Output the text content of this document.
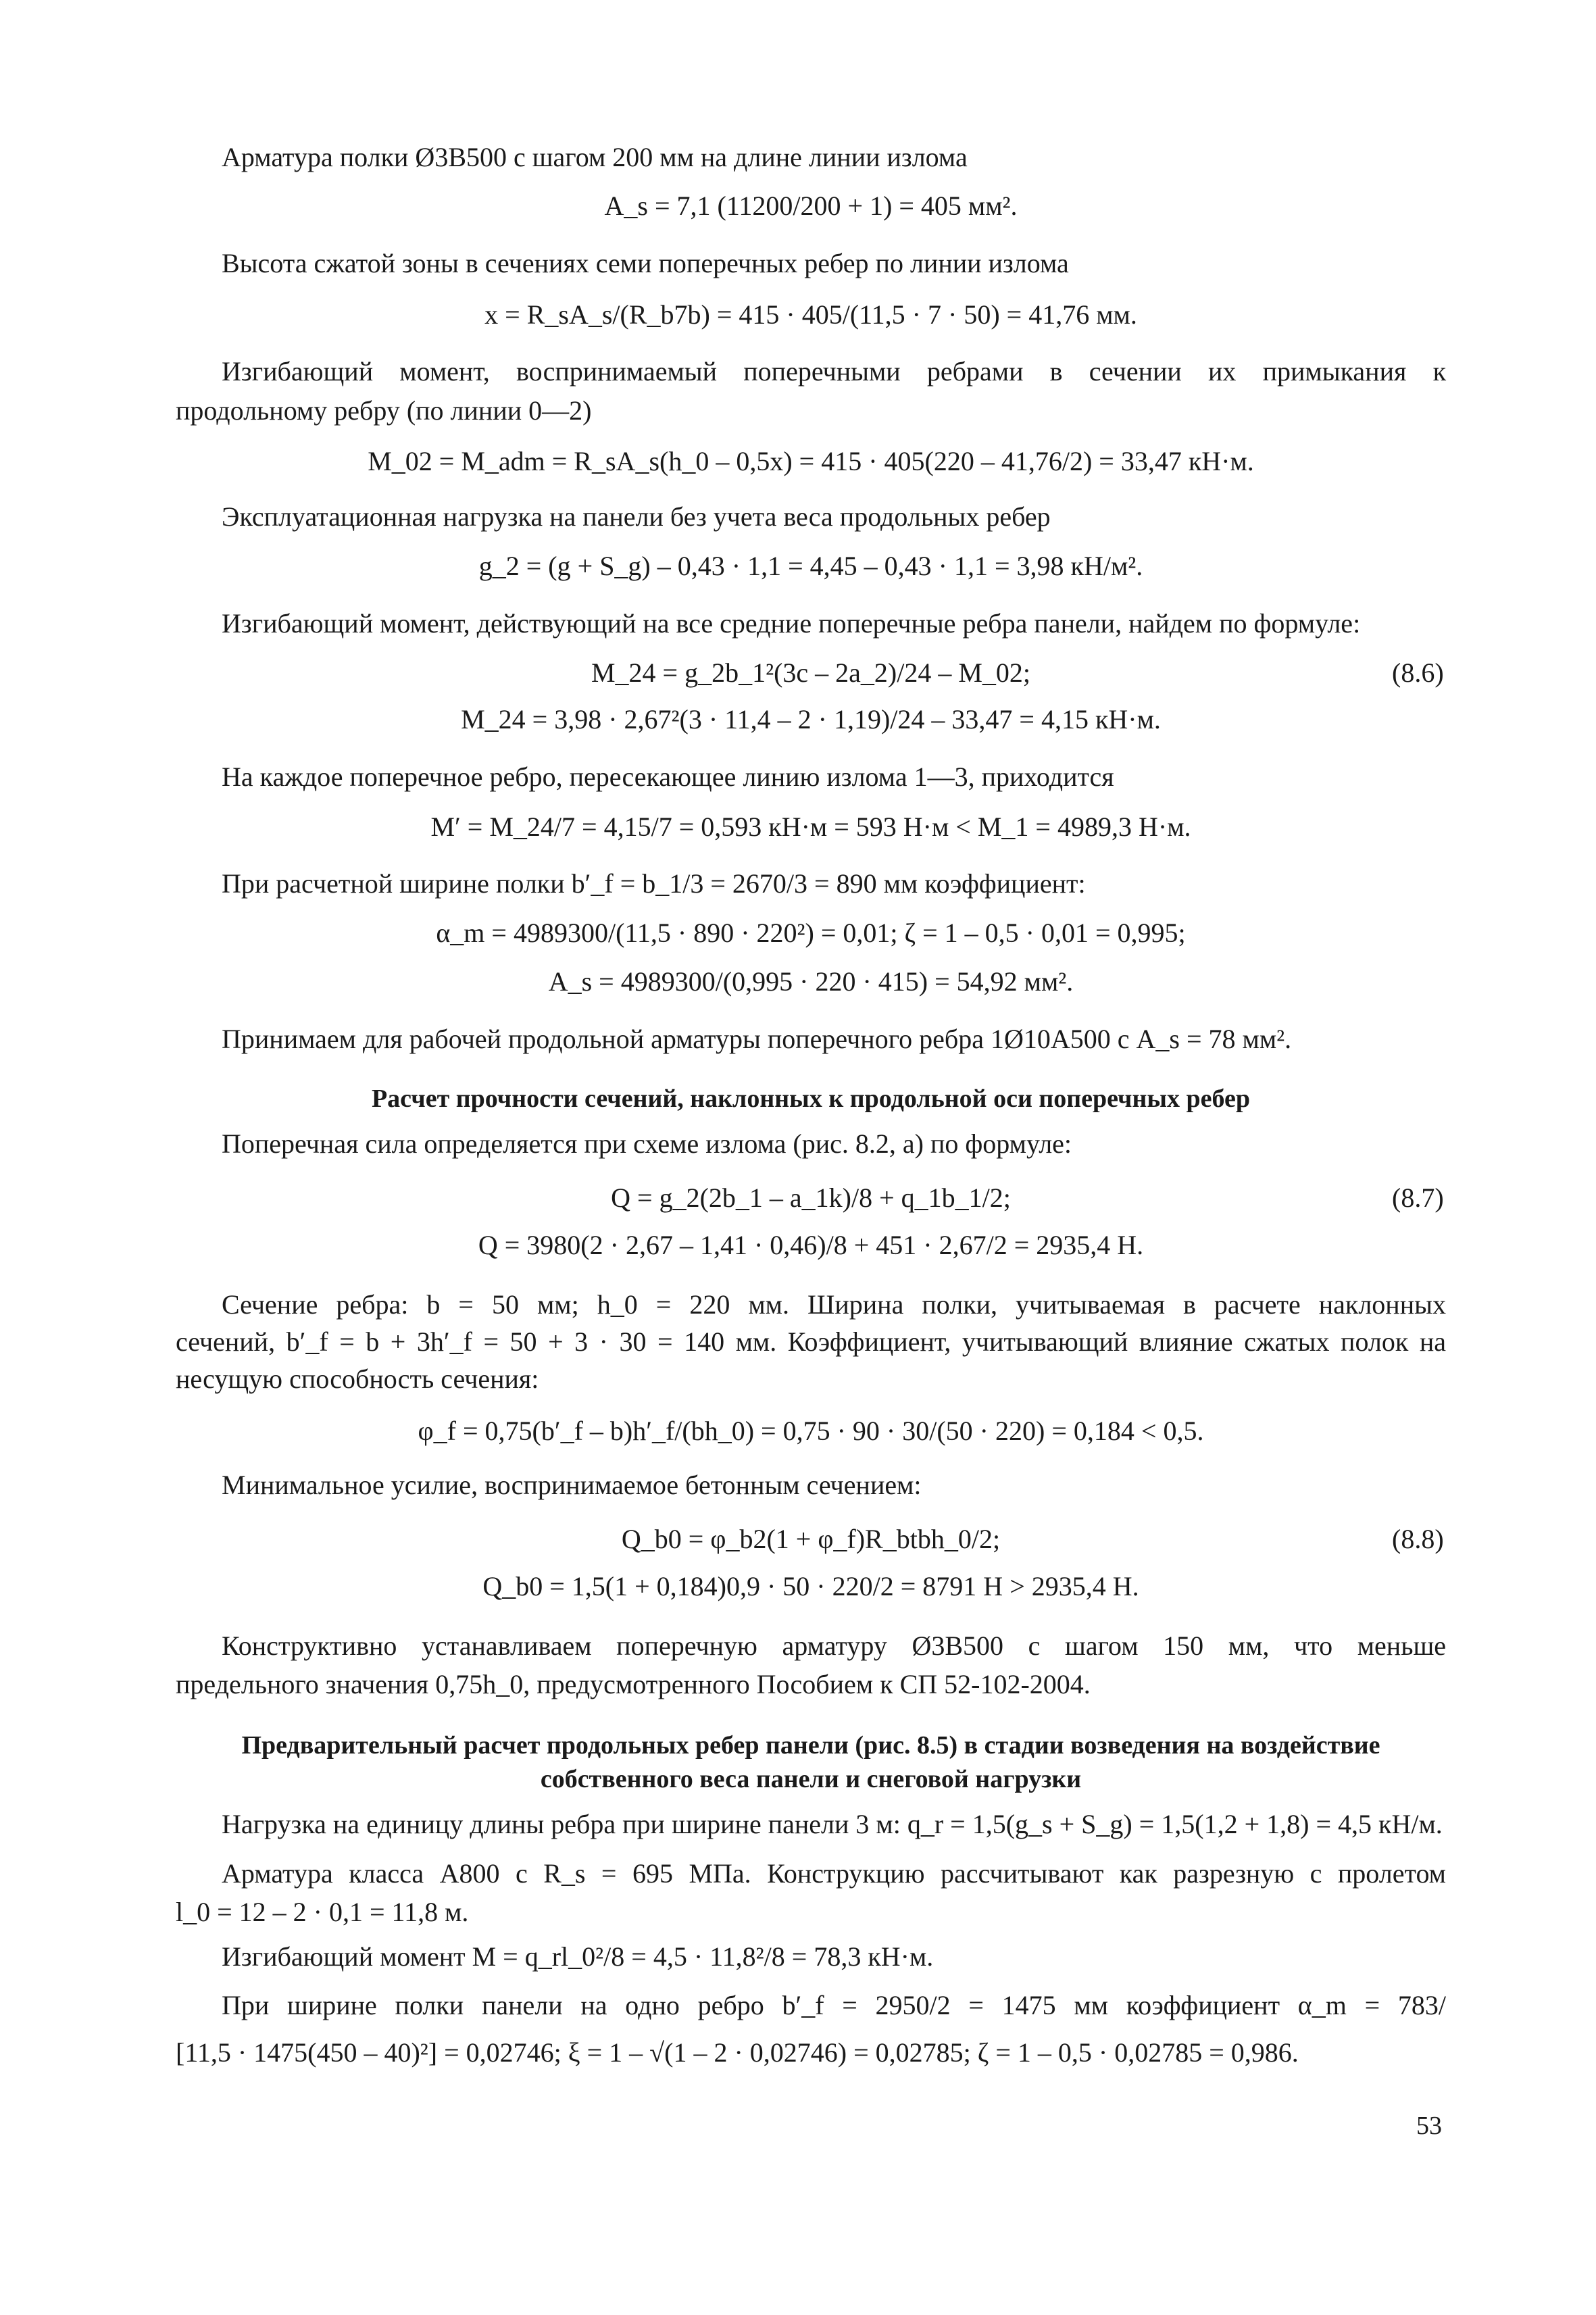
Арматура полки Ø3В500 с шагом 200 мм на длине линии излома
A_s = 7,1 (11200/200 + 1) = 405 мм².
Высота сжатой зоны в сечениях семи поперечных ребер по линии излома
x = R_sA_s/(R_b7b) = 415 · 405/(11,5 · 7 · 50) = 41,76 мм.
Изгибающий момент, воспринимаемый поперечными ребрами в сечении их примыкания к
продольному ребру (по линии 0—2)
M_02 = M_adm = R_sA_s(h_0 – 0,5x) = 415 · 405(220 – 41,76/2) = 33,47 кН·м.
Эксплуатационная нагрузка на панели без учета веса продольных ребер
g_2 = (g + S_g) – 0,43 · 1,1 = 4,45 – 0,43 · 1,1 = 3,98 кН/м².
Изгибающий момент, действующий на все средние поперечные ребра панели, найдем по формуле:
M_24 = g_2b_1²(3c – 2a_2)/24 – M_02;	(8.6)
M_24 = 3,98 · 2,67²(3 · 11,4 – 2 · 1,19)/24 – 33,47 = 4,15 кН·м.
На каждое поперечное ребро, пересекающее линию излома 1—3, приходится
M′ = M_24/7 = 4,15/7 = 0,593 кН·м = 593 Н·м < M_1 = 4989,3 Н·м.
При расчетной ширине полки b′_f = b_1/3 = 2670/3 = 890 мм коэффициент:
α_m = 4989300/(11,5 · 890 · 220²) = 0,01; ζ = 1 – 0,5 · 0,01 = 0,995;
A_s = 4989300/(0,995 · 220 · 415) = 54,92 мм².
Принимаем для рабочей продольной арматуры поперечного ребра 1Ø10А500 с A_s = 78 мм².
Расчет прочности сечений, наклонных к продольной оси поперечных ребер
Поперечная сила определяется при схеме излома (рис. 8.2, а) по формуле:
Q = g_2(2b_1 – a_1k)/8 + q_1b_1/2;	(8.7)
Q = 3980(2 · 2,67 – 1,41 · 0,46)/8 + 451 · 2,67/2 = 2935,4 Н.
Сечение ребра: b = 50 мм; h_0 = 220 мм. Ширина полки, учитываемая в расчете наклонных
сечений, b′_f = b + 3h′_f = 50 + 3 · 30 = 140 мм. Коэффициент, учитывающий влияние сжатых полок на
несущую способность сечения:
φ_f = 0,75(b′_f – b)h′_f/(bh_0) = 0,75 · 90 · 30/(50 · 220) = 0,184 < 0,5.
Минимальное усилие, воспринимаемое бетонным сечением:
Q_b0 = φ_b2(1 + φ_f)R_btbh_0/2;	(8.8)
Q_b0 = 1,5(1 + 0,184)0,9 · 50 · 220/2 = 8791 Н > 2935,4 Н.
Конструктивно устанавливаем поперечную арматуру Ø3В500 с шагом 150 мм, что меньше
предельного значения 0,75h_0, предусмотренного Пособием к СП 52-102-2004.
Предварительный расчет продольных ребер панели (рис. 8.5) в стадии возведения на воздействие
собственного веса панели и снеговой нагрузки
Нагрузка на единицу длины ребра при ширине панели 3 м: q_r = 1,5(g_s + S_g) = 1,5(1,2 + 1,8) = 4,5 кН/м.
Арматура класса А800 с R_s = 695 МПа. Конструкцию рассчитывают как разрезную с пролетом
l_0 = 12 – 2 · 0,1 = 11,8 м.
Изгибающий момент M = q_rl_0²/8 = 4,5 · 11,8²/8 = 78,3 кН·м.
При ширине полки панели на одно ребро b′_f = 2950/2 = 1475 мм коэффициент α_m = 783/
[11,5 · 1475(450 – 40)²] = 0,02746; ξ = 1 – √(1 – 2 · 0,02746) = 0,02785; ζ = 1 – 0,5 · 0,02785 = 0,986.
53
